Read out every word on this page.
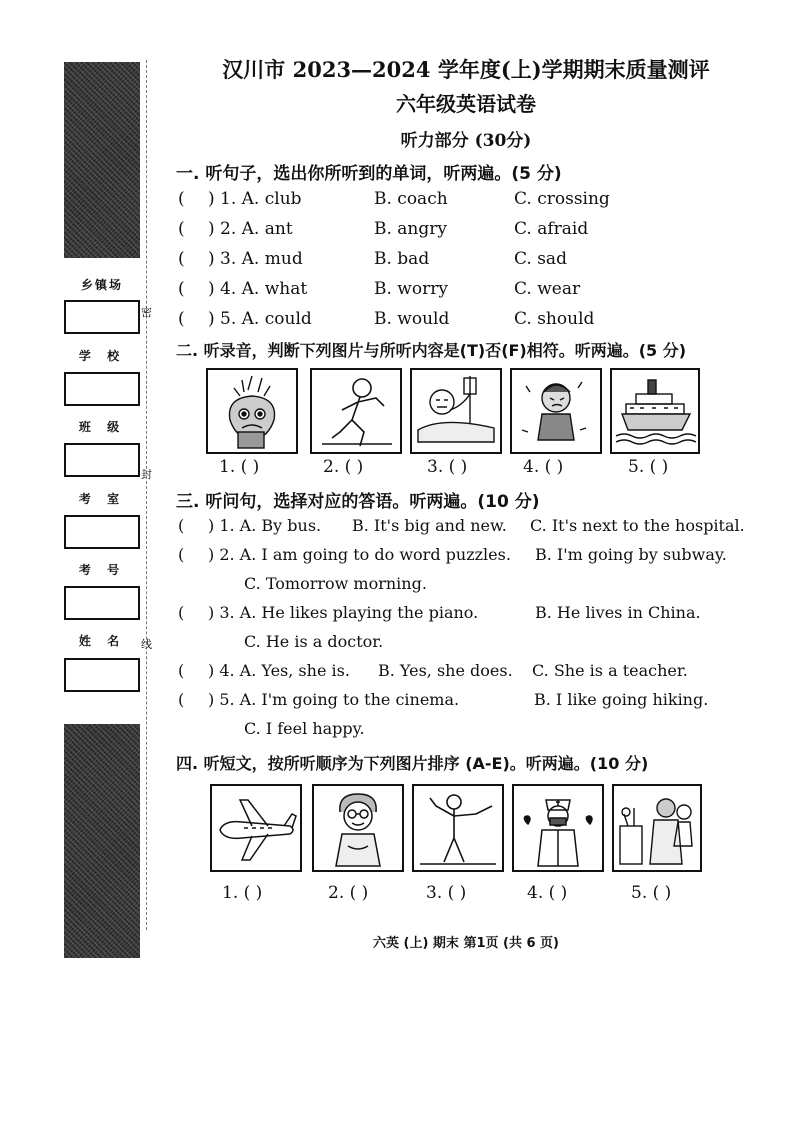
乡镇场
学 校
班 级
考 室
考 号
姓 名
密
封
线
汉川市 2023—2024 学年度(上)学期期末质量测评
六年级英语试卷
听力部分 (30分)
一. 听句子，选出你所听到的单词，听两遍。(5 分)
( ) 1. A. club	B. coach	C. crossing
( ) 2. A. ant	B. angry	C. afraid
( ) 3. A. mud	B. bad	C. sad
( ) 4. A. what	B. worry	C. wear
( ) 5. A. could	B. would	C. should
二. 听录音，判断下列图片与所听内容是(T)否(F)相符。听两遍。(5 分)
1. ( )	2. ( )	3. ( )	4. ( )	5. ( )
三. 听问句，选择对应的答语。听两遍。(10 分)
( ) 1. A. By bus. B. It's big and new. C. It's next to the hospital.
( ) 2. A. I am going to do word puzzles. B. I'm going by subway.
C. Tomorrow morning.
( ) 3. A. He likes playing the piano.	B. He lives in China.
C. He is a doctor.
( ) 4. A. Yes, she is. B. Yes, she does. C. She is a teacher.
( ) 5. A. I'm going to the cinema.	B. I like going hiking.
C. I feel happy.
四. 听短文，按所听顺序为下列图片排序 (A-E)。听两遍。(10 分)
1. ( )	2. ( )	3. ( )	4. ( )	5. ( )
六英 (上) 期末 第1页 (共 6 页)
